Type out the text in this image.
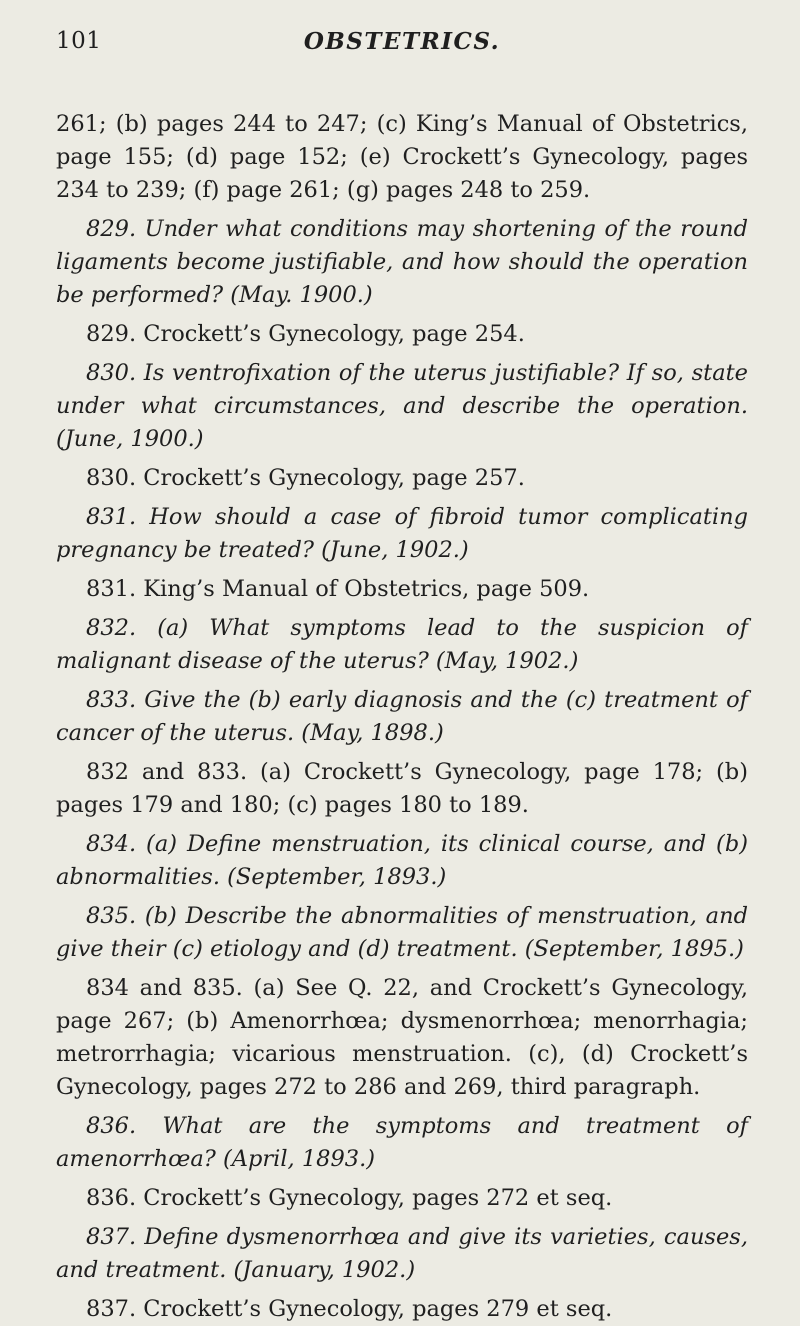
101	OBSTETRICS.

261; (b) pages 244 to 247; (c) King’s Manual of Obstetrics, page 155; (d) page 152; (e) Crockett’s Gynecology, pages 234 to 239; (f) page 261; (g) pages 248 to 259.

829. Under what conditions may shortening of the round ligaments become justifiable, and how should the operation be performed? (May. 1900.)

829. Crockett’s Gynecology, page 254.

830. Is ventrofixation of the uterus justifiable? If so, state under what circumstances, and describe the operation. (June, 1900.)

830. Crockett’s Gynecology, page 257.

831. How should a case of fibroid tumor complicating pregnancy be treated? (June, 1902.)

831. King’s Manual of Obstetrics, page 509.

832. (a) What symptoms lead to the suspicion of malignant disease of the uterus? (May, 1902.)

833. Give the (b) early diagnosis and the (c) treatment of cancer of the uterus. (May, 1898.)

832 and 833. (a) Crockett’s Gynecology, page 178; (b) pages 179 and 180; (c) pages 180 to 189.

834. (a) Define menstruation, its clinical course, and (b) abnormalities. (September, 1893.)

835. (b) Describe the abnormalities of menstruation, and give their (c) etiology and (d) treatment. (September, 1895.)

834 and 835. (a) See Q. 22, and Crockett’s Gynecology, page 267; (b) Amenorrhœa; dysmenorrhœa; menorrhagia; metrorrhagia; vicarious menstruation. (c), (d) Crockett’s Gynecology, pages 272 to 286 and 269, third paragraph.

836. What are the symptoms and treatment of amenorrhœa? (April, 1893.)

836. Crockett’s Gynecology, pages 272 et seq.

837. Define dysmenorrhœa and give its varieties, causes, and treatment. (January, 1902.)

837. Crockett’s Gynecology, pages 279 et seq.
